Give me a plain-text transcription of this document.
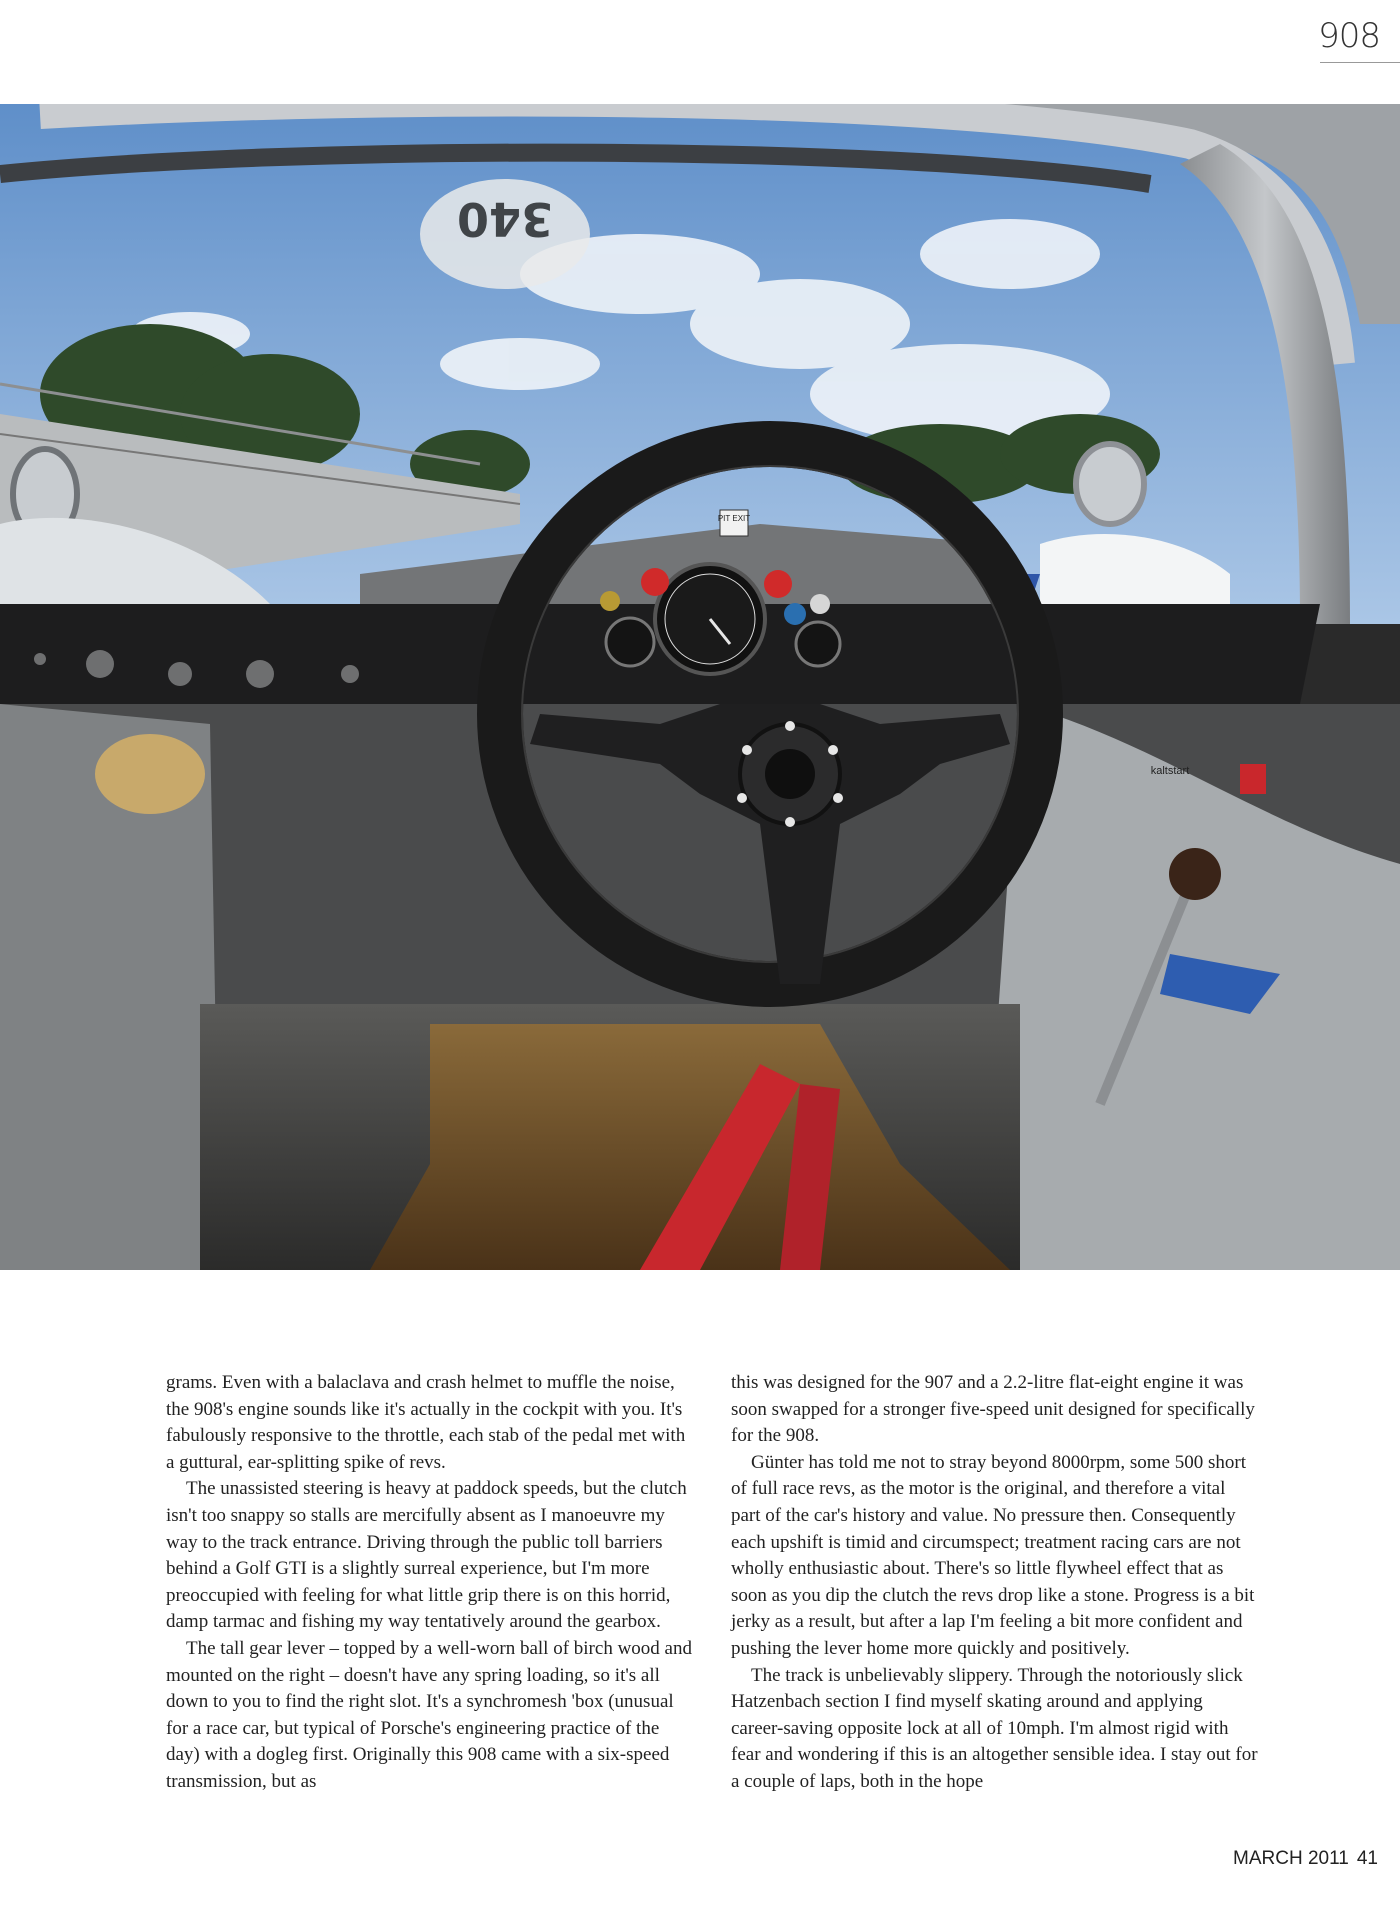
908
PIT EXIT
340
kaltstart

grams. Even with a balaclava and crash helmet to muffle the noise, the 908's engine sounds like it's actually in the cockpit with you. It's fabulously responsive to the throttle, each stab of the pedal met with a guttural, ear-splitting spike of revs.

The unassisted steering is heavy at paddock speeds, but the clutch isn't too snappy so stalls are mercifully absent as I manoeuvre my way to the track entrance. Driving through the public toll barriers behind a Golf GTI is a slightly surreal experience, but I'm more preoccupied with feeling for what little grip there is on this horrid, damp tarmac and fishing my way tentatively around the gearbox.

The tall gear lever – topped by a well-worn ball of birch wood and mounted on the right – doesn't have any spring loading, so it's all down to you to find the right slot. It's a synchromesh 'box (unusual for a race car, but typical of Porsche's engineering practice of the day) with a dogleg first. Originally this 908 came with a six-speed transmission, but as

this was designed for the 907 and a 2.2-litre flat-eight engine it was soon swapped for a stronger five-speed unit designed for specifically for the 908.

Günter has told me not to stray beyond 8000rpm, some 500 short of full race revs, as the motor is the original, and therefore a vital part of the car's history and value. No pressure then. Consequently each upshift is timid and circumspect; treatment racing cars are not wholly enthusiastic about. There's so little flywheel effect that as soon as you dip the clutch the revs drop like a stone. Progress is a bit jerky as a result, but after a lap I'm feeling a bit more confident and pushing the lever home more quickly and positively.

The track is unbelievably slippery. Through the notoriously slick Hatzenbach section I find myself skating around and applying career-saving opposite lock at all of 10mph. I'm almost rigid with fear and wondering if this is an altogether sensible idea. I stay out for a couple of laps, both in the hope

MARCH 2011 41
